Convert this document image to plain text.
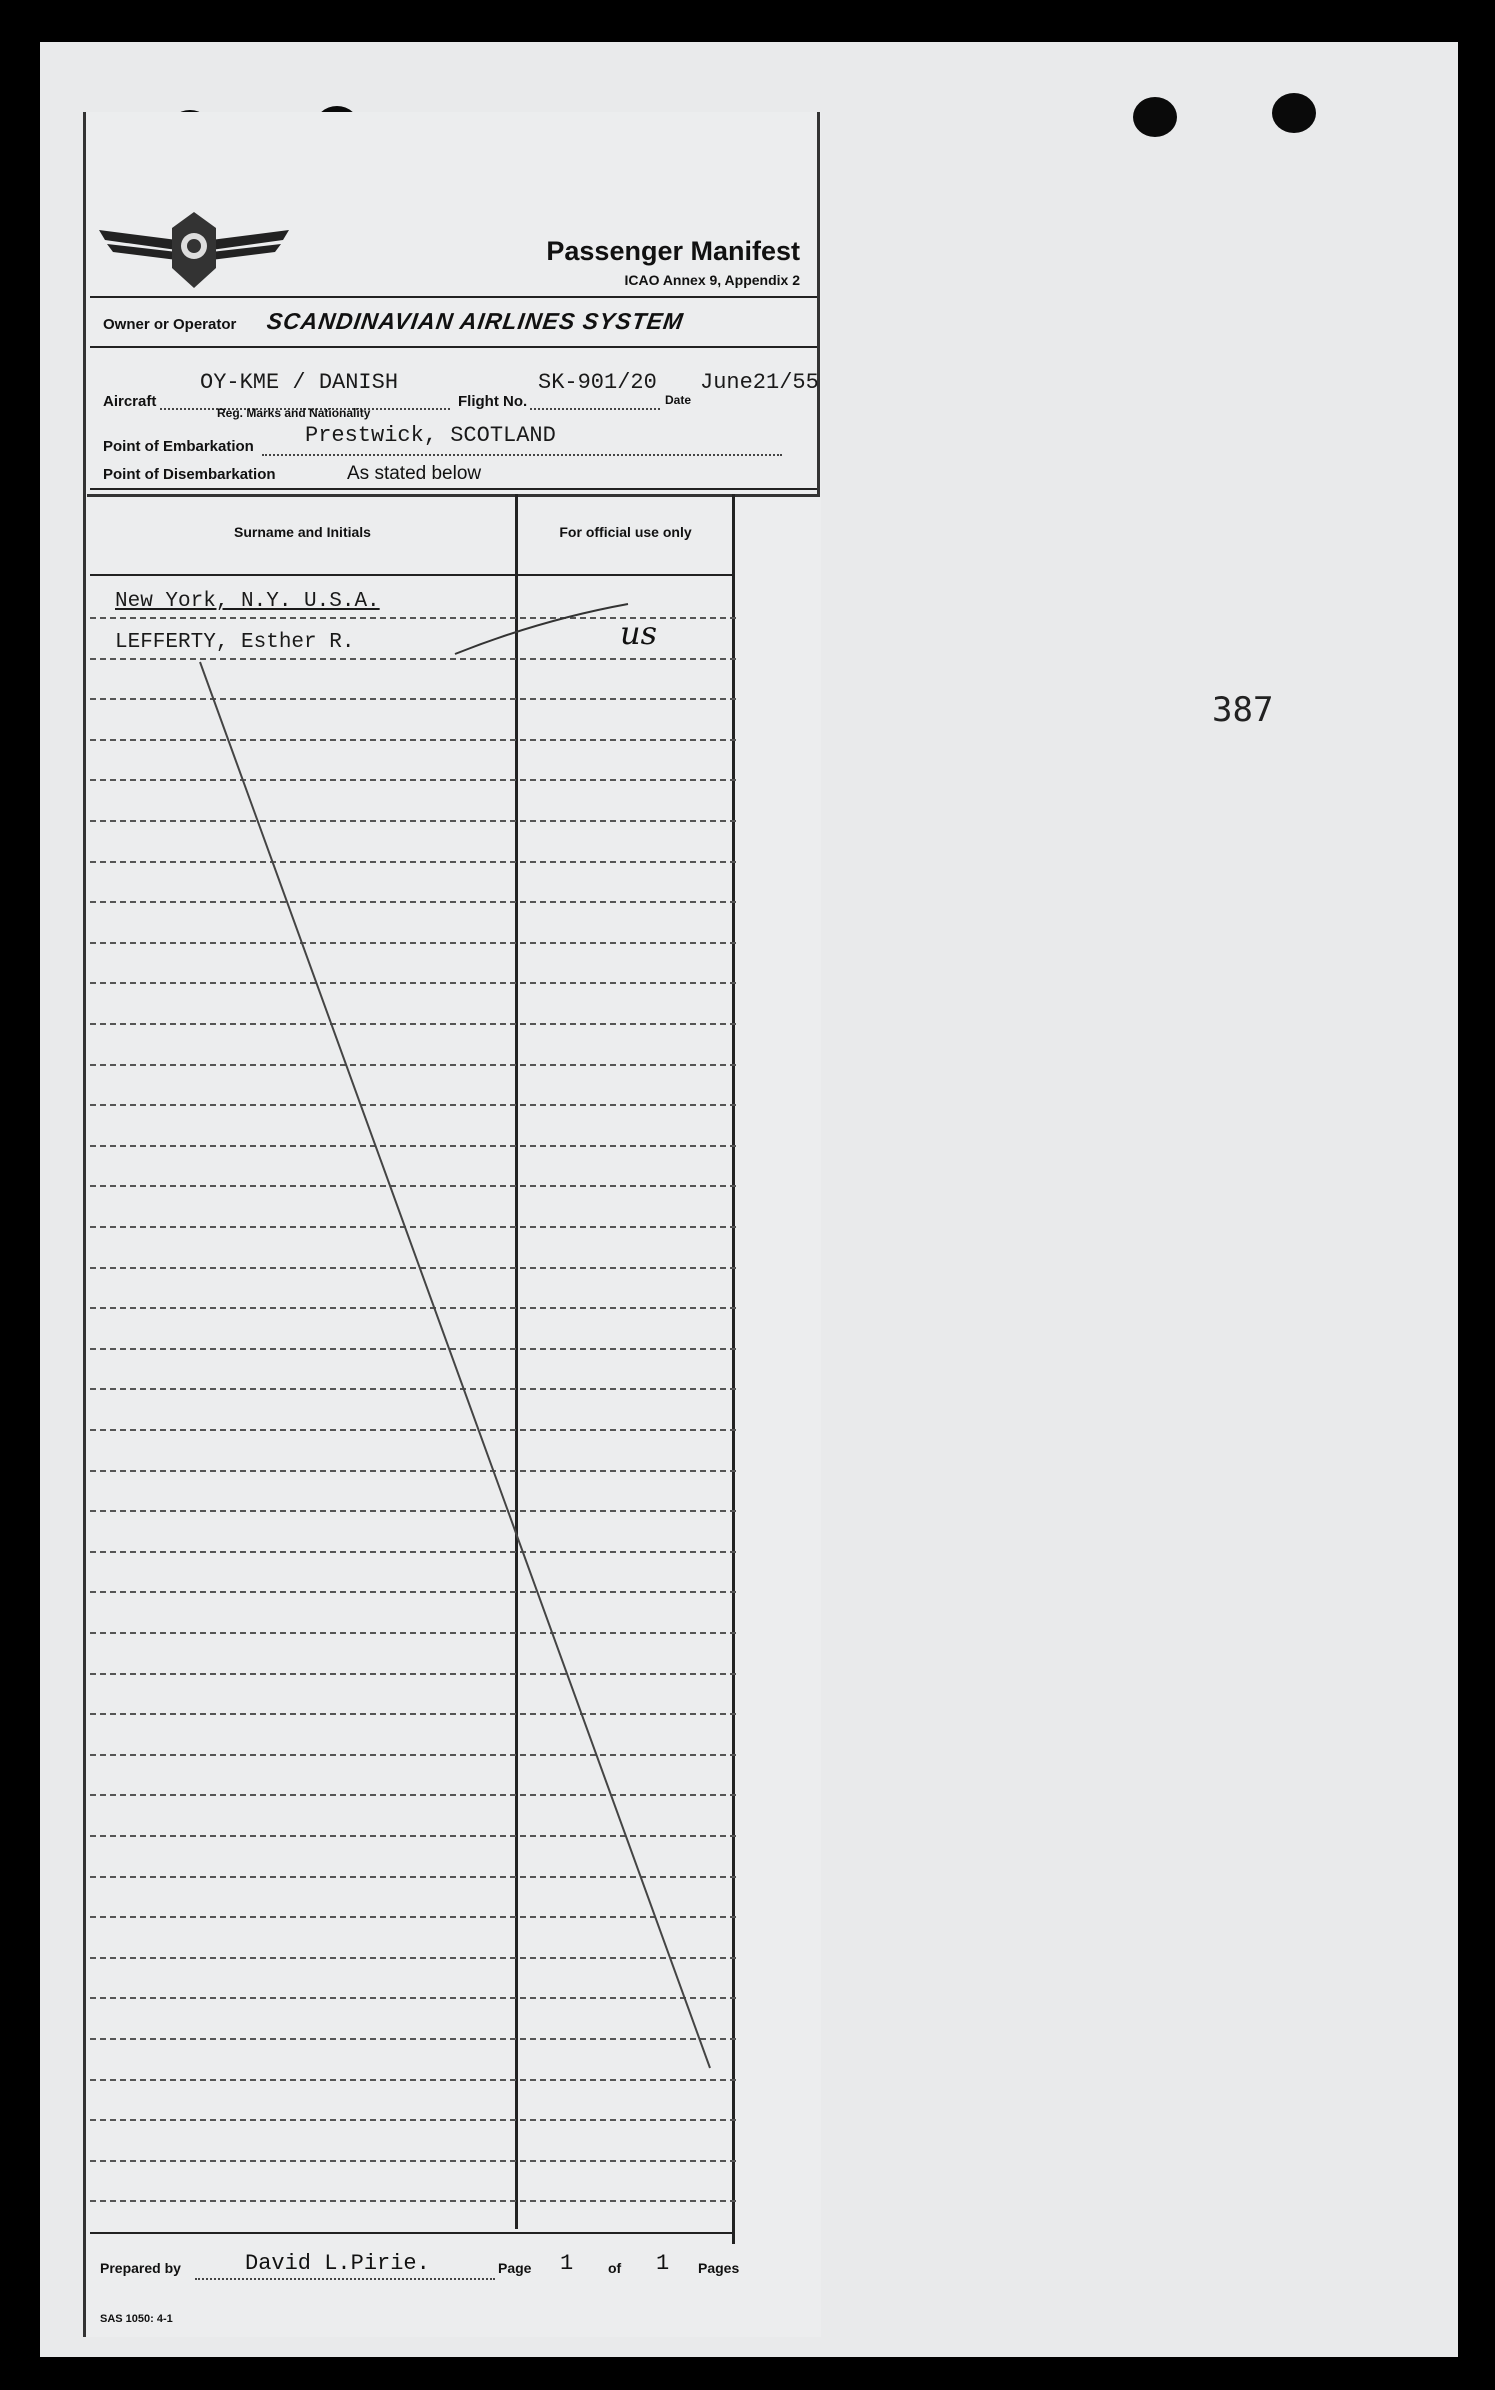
Passenger Manifest
ICAO Annex 9, Appendix 2
Owner or Operator SCANDINAVIAN AIRLINES SYSTEM
OY-KME / DANISH
Aircraft
Reg. Marks and Nationality
SK-901/20
Flight No.
June21/55
Date
Point of Embarkation Prestwick, SCOTLAND
Point of Disembarkation	As stated below
Surname and Initials	For official use only
New York, N.Y. U.S.A.
LEFFERTY, Esther R.	us
Prepared by	David L.Pirie.	Page 1 of 1 Pages
SAS 1050: 4-1
387
